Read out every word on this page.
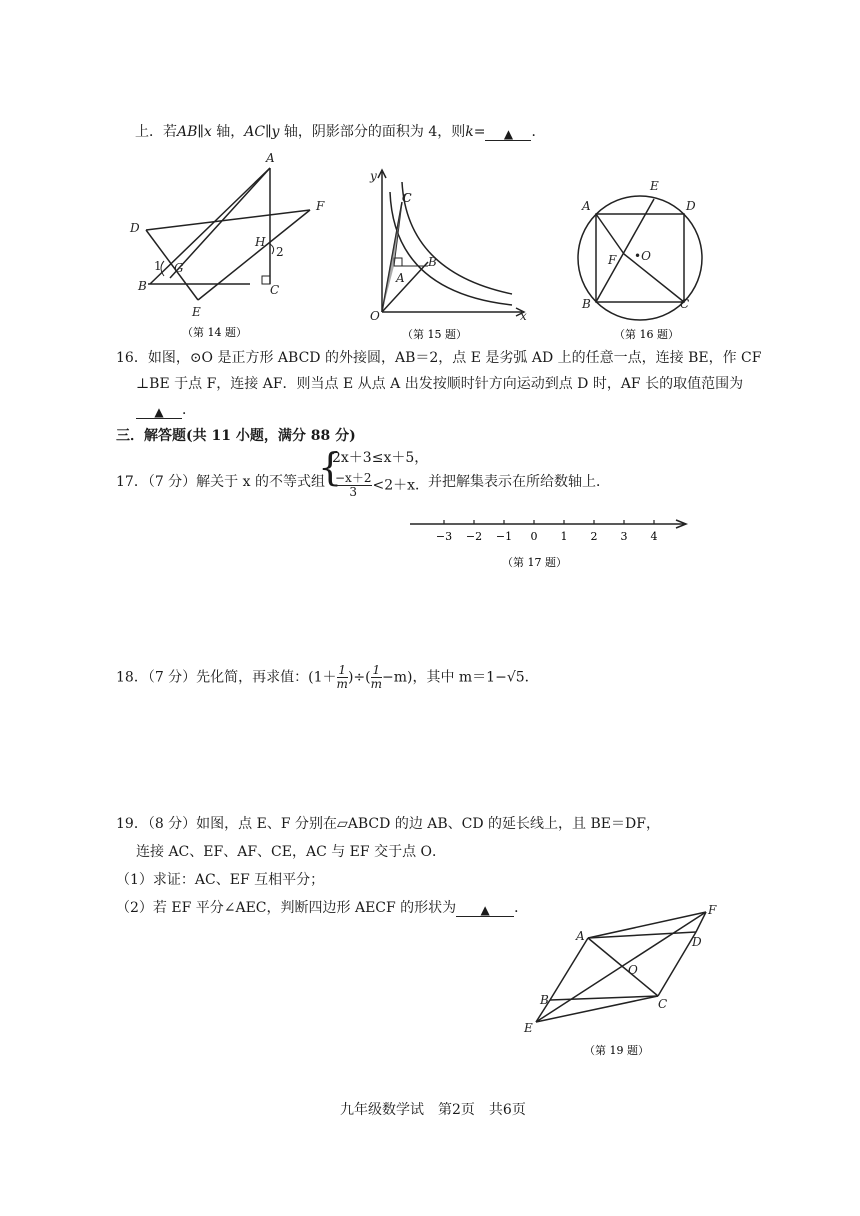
上．若AB∥x 轴，AC∥y 轴，阴影部分的面积为 4，则k= ▲ ．
A
D
F
H
2
1 G
B	C
E
（第 14 题）
y
C
A
B
O	x
（第 15 题）
A
E
D
F •O
B	C
（第 16 题）
16．如图，⊙O 是正方形 ABCD 的外接圆，AB＝2，点 E 是劣弧 AD 上的任意一点，连接 BE，作 CF
⊥BE 于点 F，连接 AF．则当点 E 从点 A 出发按顺时针方向运动到点 D 时，AF 长的取值范围为
▲ ．
三．解答题(共 11 小题，满分 88 分)
17．（7 分）解关于 x 的不等式组
{
2x＋3≤x＋5，
$\frac{-x+2}{3} <2+x$．
并把解集表示在所给数轴上．
−3 −2 −1 0 1 2 3 4
（第 17 题）
18．（7 分）先化简，再求值：($1+ \frac{1}{m}$ )÷( $\frac{1}{m} -m$)，其中 m＝1−√5．
19．（8 分）如图，点 E、F 分别在▱ABCD 的边 AB、CD 的延长线上，且 BE＝DF，
连接 AC、EF、AF、CE，AC 与 EF 交于点 O．
（1）求证：AC、EF 互相平分；
（2）若 EF 平分∠AEC，判断四边形 AECF 的形状为 ▲ ．	F
A	D
O
B	C
E
（第 19 题）
九年级数学试　第2页　共6页
